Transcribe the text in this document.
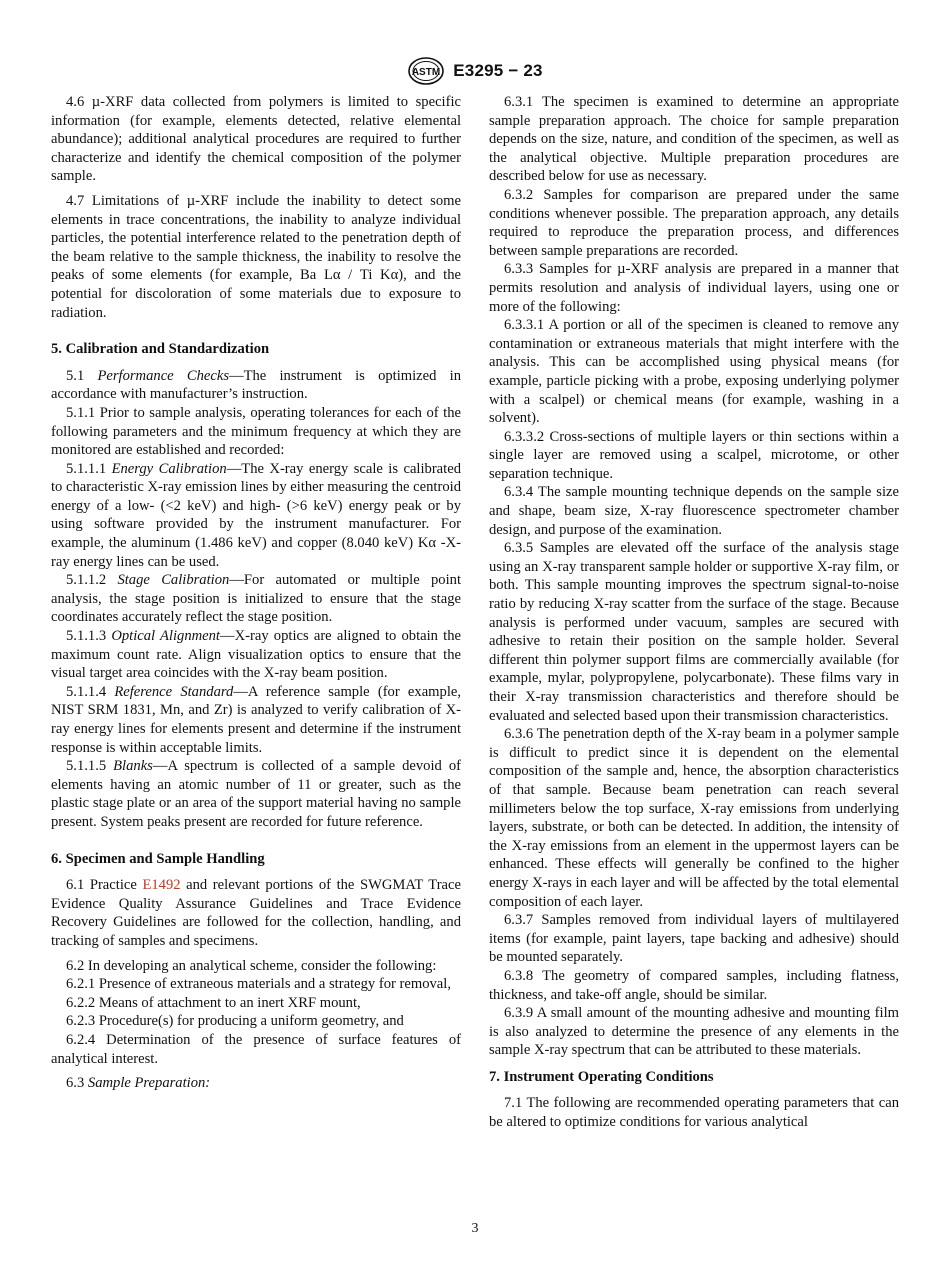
ASTM E3295 − 23

4.6 µ-XRF data collected from polymers is limited to specific information (for example, elements detected, relative elemental abundance); additional analytical procedures are required to further characterize and identify the chemical composition of the polymer sample.

4.7 Limitations of µ-XRF include the inability to detect some elements in trace concentrations, the inability to analyze individual particles, the potential interference related to the penetration depth of the beam relative to the sample thickness, the inability to resolve the peaks of some elements (for example, Ba Lα / Ti Kα), and the potential for discoloration of some materials due to exposure to radiation.

5. Calibration and Standardization

5.1 Performance Checks—The instrument is optimized in accordance with manufacturer’s instruction.

5.1.1 Prior to sample analysis, operating tolerances for each of the following parameters and the minimum frequency at which they are monitored are established and recorded:

5.1.1.1 Energy Calibration—The X-ray energy scale is calibrated to characteristic X-ray emission lines by either measuring the centroid energy of a low- (<2 keV) and high- (>6 keV) energy peak or by using software provided by the instrument manufacturer. For example, the aluminum (1.486 keV) and copper (8.040 keV) Kα -X-ray energy lines can be used.

5.1.1.2 Stage Calibration—For automated or multiple point analysis, the stage position is initialized to ensure that the stage coordinates accurately reflect the stage position.

5.1.1.3 Optical Alignment—X-ray optics are aligned to obtain the maximum count rate. Align visualization optics to ensure that the visual target area coincides with the X-ray beam position.

5.1.1.4 Reference Standard—A reference sample (for example, NIST SRM 1831, Mn, and Zr) is analyzed to verify calibration of X-ray energy lines for elements present and determine if the instrument response is within acceptable limits.

5.1.1.5 Blanks—A spectrum is collected of a sample devoid of elements having an atomic number of 11 or greater, such as the plastic stage plate or an area of the support material having no sample present. System peaks present are recorded for future reference.

6. Specimen and Sample Handling

6.1 Practice E1492 and relevant portions of the SWGMAT Trace Evidence Quality Assurance Guidelines and Trace Evidence Recovery Guidelines are followed for the collection, handling, and tracking of samples and specimens.

6.2 In developing an analytical scheme, consider the following:

6.2.1 Presence of extraneous materials and a strategy for removal,

6.2.2 Means of attachment to an inert XRF mount,

6.2.3 Procedure(s) for producing a uniform geometry, and

6.2.4 Determination of the presence of surface features of analytical interest.

6.3 Sample Preparation:

6.3.1 The specimen is examined to determine an appropriate sample preparation approach. The choice for sample preparation depends on the size, nature, and condition of the specimen, as well as the analytical objective. Multiple preparation procedures are described below for use as necessary.

6.3.2 Samples for comparison are prepared under the same conditions whenever possible. The preparation approach, any details required to reproduce the preparation process, and differences between sample preparations are recorded.

6.3.3 Samples for µ-XRF analysis are prepared in a manner that permits resolution and analysis of individual layers, using one or more of the following:

6.3.3.1 A portion or all of the specimen is cleaned to remove any contamination or extraneous materials that might interfere with the analysis. This can be accomplished using physical means (for example, particle picking with a probe, exposing underlying polymer with a scalpel) or chemical means (for example, washing in a solvent).

6.3.3.2 Cross-sections of multiple layers or thin sections within a single layer are removed using a scalpel, microtome, or other separation technique.

6.3.4 The sample mounting technique depends on the sample size and shape, beam size, X-ray fluorescence spectrometer chamber design, and purpose of the examination.

6.3.5 Samples are elevated off the surface of the analysis stage using an X-ray transparent sample holder or supportive X-ray film, or both. This sample mounting improves the spectrum signal-to-noise ratio by reducing X-ray scatter from the surface of the stage. Because analysis is performed under vacuum, samples are secured with adhesive to retain their position on the sample holder. Several different thin polymer support films are commercially available (for example, mylar, polypropylene, polycarbonate). These films vary in their X-ray transmission characteristics and therefore should be evaluated and selected based upon their transmission characteristics.

6.3.6 The penetration depth of the X-ray beam in a polymer sample is difficult to predict since it is dependent on the elemental composition of the sample and, hence, the absorption characteristics of that sample. Because beam penetration can reach several millimeters below the top surface, X-ray emissions from underlying layers, substrate, or both can be detected. In addition, the intensity of the X-ray emissions from an element in the uppermost layers can be enhanced. These effects will generally be confined to the higher energy X-rays in each layer and will be affected by the total elemental composition of each layer.

6.3.7 Samples removed from individual layers of multilayered items (for example, paint layers, tape backing and adhesive) should be mounted separately.

6.3.8 The geometry of compared samples, including flatness, thickness, and take-off angle, should be similar.

6.3.9 A small amount of the mounting adhesive and mounting film is also analyzed to determine the presence of any elements in the sample X-ray spectrum that can be attributed to these materials.

7. Instrument Operating Conditions

7.1 The following are recommended operating parameters that can be altered to optimize conditions for various analytical

3
